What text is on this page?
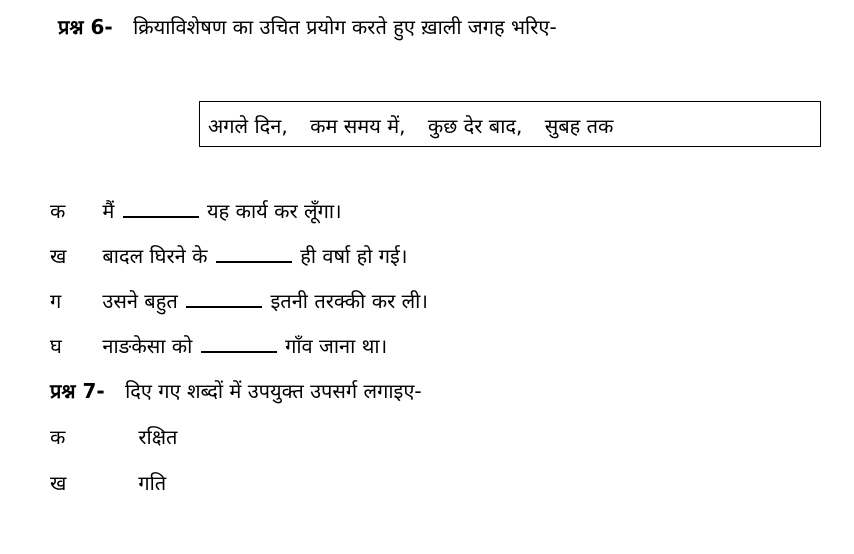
प्रश्न 6- क्रियाविशेषण का उचित प्रयोग करते हुए ख़ाली जगह भरिए-
अगले दिन, कम समय में, कुछ देर बाद, सुबह तक
क मैं	यह कार्य कर लूँगा।
ख बादल घिरने के	ही वर्षा हो गई।
ग उसने बहुत	इतनी तरक्की कर ली।
घ नाङकेसा को	गाँव जाना था।
प्रश्न 7- दिए गए शब्दों में उपयुक्त उपसर्ग लगाइए-
क	रक्षित
ख	गति
